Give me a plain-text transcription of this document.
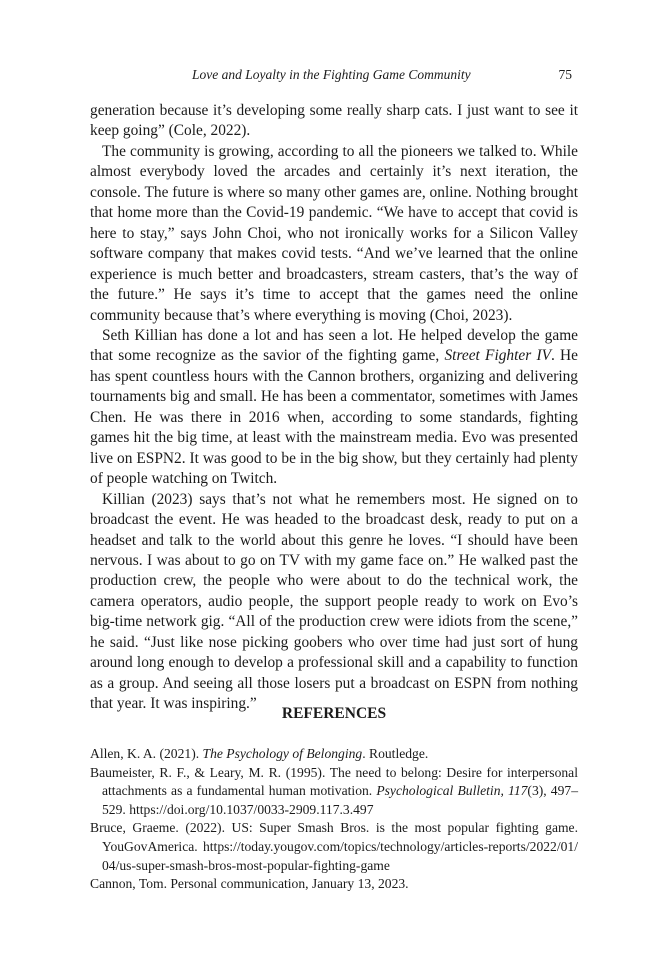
Love and Loyalty in the Fighting Game Community	75

generation because it’s developing some really sharp cats. I just want to see it keep going” (Cole, 2022).

The community is growing, according to all the pioneers we talked to. While almost everybody loved the arcades and certainly it’s next iteration, the console. The future is where so many other games are, online. Nothing brought that home more than the Covid-19 pandemic. “We have to accept that covid is here to stay,” says John Choi, who not ironically works for a Silicon Valley software company that makes covid tests. “And we’ve learned that the online experience is much better and broadcasters, stream casters, that’s the way of the future.” He says it’s time to accept that the games need the online community because that’s where everything is moving (Choi, 2023).

Seth Killian has done a lot and has seen a lot. He helped develop the game that some recognize as the savior of the fighting game, Street Fighter IV. He has spent countless hours with the Cannon brothers, organizing and delivering tournaments big and small. He has been a commentator, sometimes with James Chen. He was there in 2016 when, according to some standards, fighting games hit the big time, at least with the mainstream media. Evo was presented live on ESPN2. It was good to be in the big show, but they certainly had plenty of people watching on Twitch.

Killian (2023) says that’s not what he remembers most. He signed on to broadcast the event. He was headed to the broadcast desk, ready to put on a headset and talk to the world about this genre he loves. “I should have been nervous. I was about to go on TV with my game face on.” He walked past the production crew, the people who were about to do the technical work, the camera operators, audio people, the support people ready to work on Evo’s big-time network gig. “All of the production crew were idiots from the scene,” he said. “Just like nose picking goobers who over time had just sort of hung around long enough to develop a professional skill and a capability to function as a group. And seeing all those losers put a broadcast on ESPN from nothing that year. It was inspiring.”

REFERENCES

Allen, K. A. (2021). The Psychology of Belonging. Routledge.

Baumeister, R. F., & Leary, M. R. (1995). The need to belong: Desire for interpersonal attachments as a fundamental human motivation. Psychological Bulletin, 117(3), 497–529. https://doi.org/10.1037/0033-2909.117.3.497

Bruce, Graeme. (2022). US: Super Smash Bros. is the most popular fighting game. YouGovAmerica. https://today.yougov.com/topics/technology/articles-reports/2022/01/04/us-super-smash-bros-most-popular-fighting-game

Cannon, Tom. Personal communication, January 13, 2023.
